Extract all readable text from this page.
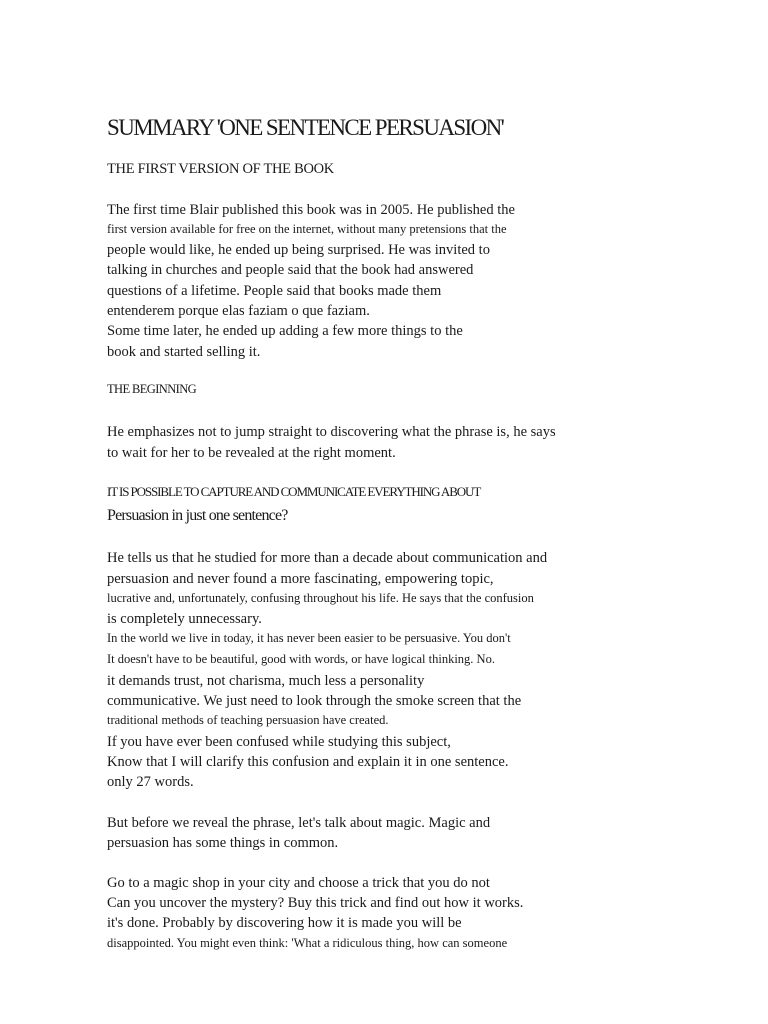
SUMMARY 'ONE SENTENCE PERSUASION'
THE FIRST VERSION OF THE BOOK
The first time Blair published this book was in 2005. He published the
first version available for free on the internet, without many pretensions that the
people would like, he ended up being surprised. He was invited to
talking in churches and people said that the book had answered
questions of a lifetime. People said that books made them
entenderem porque elas faziam o que faziam.
Some time later, he ended up adding a few more things to the
book and started selling it.
THE BEGINNING
He emphasizes not to jump straight to discovering what the phrase is, he says
to wait for her to be revealed at the right moment.
IT IS POSSIBLE TO CAPTURE AND COMMUNICATE EVERYTHING ABOUT
Persuasion in just one sentence?
He tells us that he studied for more than a decade about communication and
persuasion and never found a more fascinating, empowering topic,
lucrative and, unfortunately, confusing throughout his life. He says that the confusion
is completely unnecessary.
In the world we live in today, it has never been easier to be persuasive. You don't
It doesn't have to be beautiful, good with words, or have logical thinking. No.
it demands trust, not charisma, much less a personality
communicative. We just need to look through the smoke screen that the
traditional methods of teaching persuasion have created.
If you have ever been confused while studying this subject,
Know that I will clarify this confusion and explain it in one sentence.
only 27 words.
But before we reveal the phrase, let's talk about magic. Magic and
persuasion has some things in common.
Go to a magic shop in your city and choose a trick that you do not
Can you uncover the mystery? Buy this trick and find out how it works.
it's done. Probably by discovering how it is made you will be
disappointed. You might even think: 'What a ridiculous thing, how can someone
